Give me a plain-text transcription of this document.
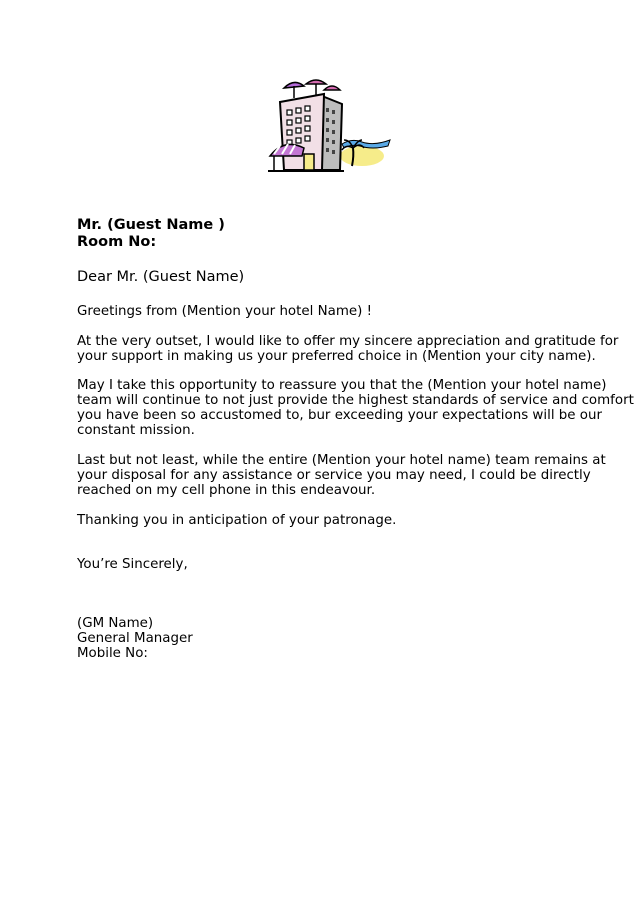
Mr. (Guest Name )
Room No:
Dear Mr. (Guest Name)
Greetings from (Mention your hotel Name) !
At the very outset, I would like to offer my sincere appreciation and gratitude for
your support in making us your preferred choice in (Mention your city name).
May I take this opportunity to reassure you that the (Mention your hotel name)
team will continue to not just provide the highest standards of service and comfort
you have been so accustomed to, bur exceeding your expectations will be our
constant mission.
Last but not least, while the entire (Mention your hotel name) team remains at
your disposal for any assistance or service you may need, I could be directly
reached on my cell phone in this endeavour.
Thanking you in anticipation of your patronage.
You’re Sincerely,
(GM Name)
General Manager
Mobile No:
